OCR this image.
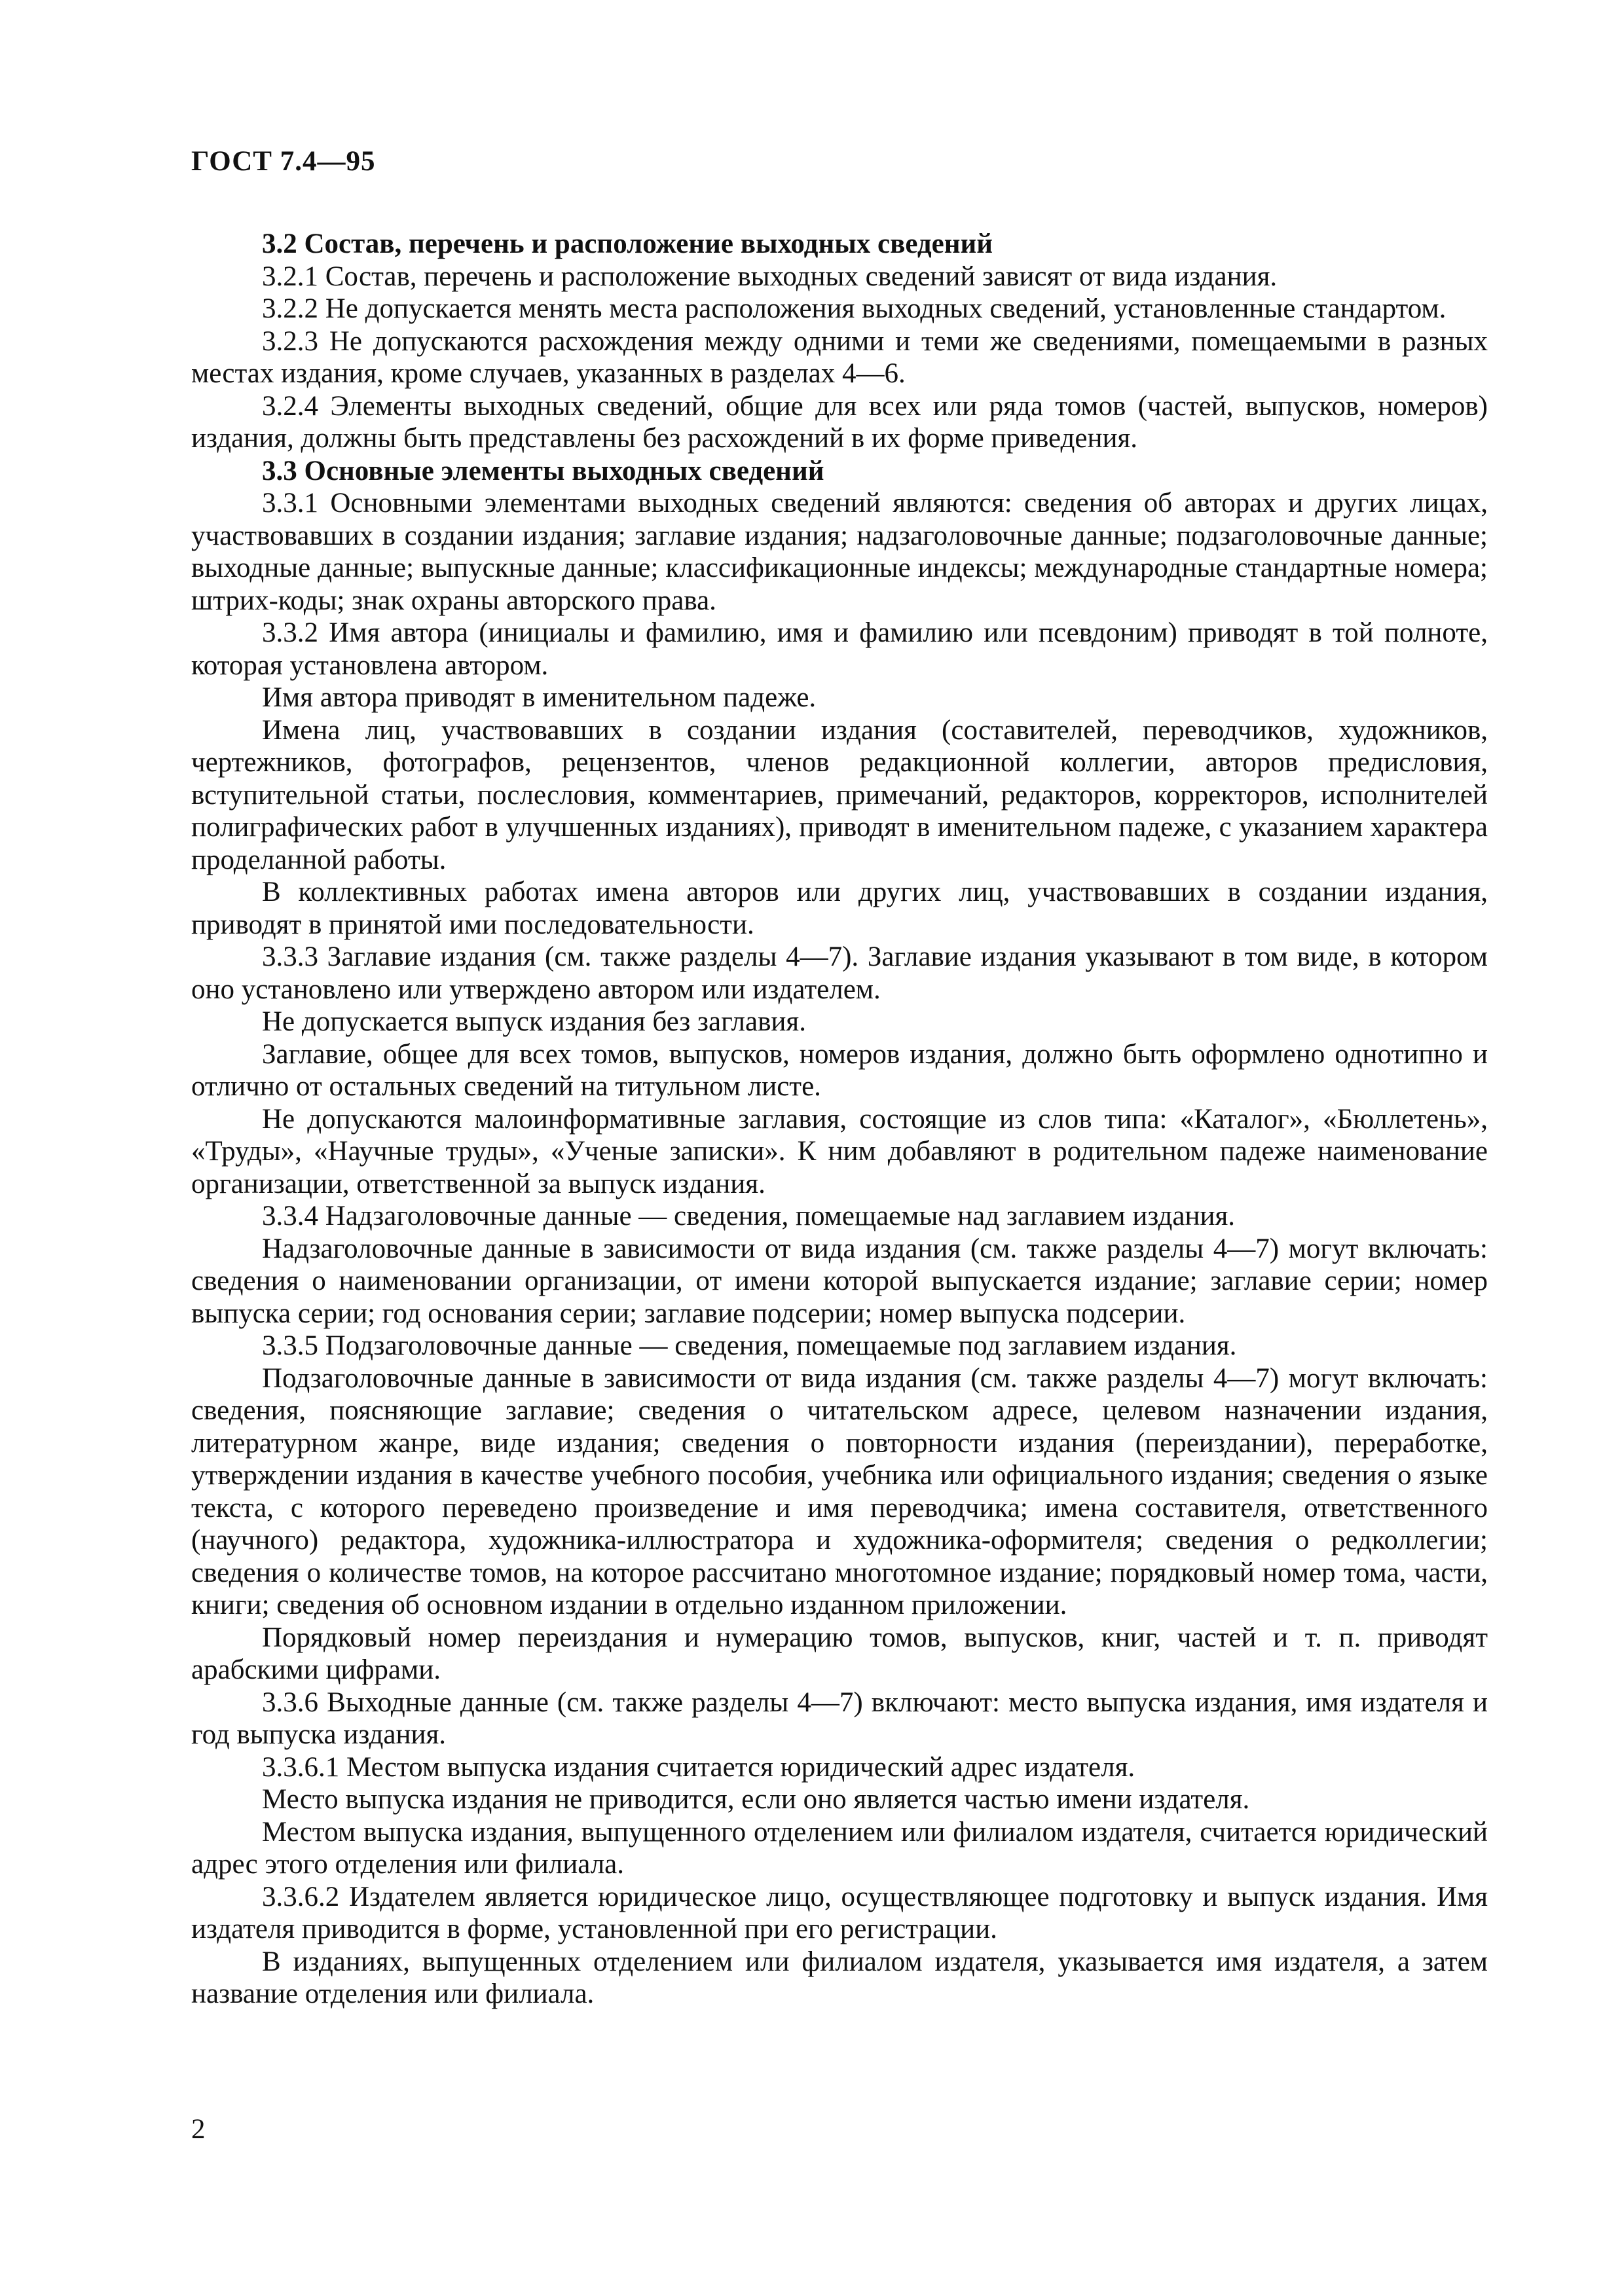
ГОСТ 7.4—95

3.2 Состав, перечень и расположение выходных сведений

3.2.1 Состав, перечень и расположение выходных сведений зависят от вида издания.

3.2.2 Не допускается менять места расположения выходных сведений, установленные стандартом.

3.2.3 Не допускаются расхождения между одними и теми же сведениями, помещаемыми в разных местах издания, кроме случаев, указанных в разделах 4—6.

3.2.4 Элементы выходных сведений, общие для всех или ряда томов (частей, выпусков, номеров) издания, должны быть представлены без расхождений в их форме приведения.

3.3 Основные элементы выходных сведений

3.3.1 Основными элементами выходных сведений являются: сведения об авторах и других лицах, участвовавших в создании издания; заглавие издания; надзаголовочные данные; подзаголовочные данные; выходные данные; выпускные данные; классификационные индексы; международные стандартные номера; штрих-коды; знак охраны авторского права.

3.3.2 Имя автора (инициалы и фамилию, имя и фамилию или псевдоним) приводят в той полноте, которая установлена автором.

Имя автора приводят в именительном падеже.

Имена лиц, участвовавших в создании издания (составителей, переводчиков, художников, чертежников, фотографов, рецензентов, членов редакционной коллегии, авторов предисловия, вступительной статьи, послесловия, комментариев, примечаний, редакторов, корректоров, исполнителей полиграфических работ в улучшенных изданиях), приводят в именительном падеже, с указанием характера проделанной работы.

В коллективных работах имена авторов или других лиц, участвовавших в создании издания, приводят в принятой ими последовательности.

3.3.3 Заглавие издания (см. также разделы 4—7). Заглавие издания указывают в том виде, в котором оно установлено или утверждено автором или издателем.

Не допускается выпуск издания без заглавия.

Заглавие, общее для всех томов, выпусков, номеров издания, должно быть оформлено однотипно и отлично от остальных сведений на титульном листе.

Не допускаются малоинформативные заглавия, состоящие из слов типа: «Каталог», «Бюллетень», «Труды», «Научные труды», «Ученые записки». К ним добавляют в родительном падеже наименование организации, ответственной за выпуск издания.

3.3.4 Надзаголовочные данные — сведения, помещаемые над заглавием издания.

Надзаголовочные данные в зависимости от вида издания (см. также разделы 4—7) могут включать: сведения о наименовании организации, от имени которой выпускается издание; заглавие серии; номер выпуска серии; год основания серии; заглавие подсерии; номер выпуска подсерии.

3.3.5 Подзаголовочные данные — сведения, помещаемые под заглавием издания.

Подзаголовочные данные в зависимости от вида издания (см. также разделы 4—7) могут включать: сведения, поясняющие заглавие; сведения о читательском адресе, целевом назначении издания, литературном жанре, виде издания; сведения о повторности издания (переиздании), переработке, утверждении издания в качестве учебного пособия, учебника или официального издания; сведения о языке текста, с которого переведено произведение и имя переводчика; имена составителя, ответственного (научного) редактора, художника-иллюстратора и художника-оформителя; сведения о редколлегии; сведения о количестве томов, на которое рассчитано многотомное издание; порядковый номер тома, части, книги; сведения об основном издании в отдельно изданном приложении.

Порядковый номер переиздания и нумерацию томов, выпусков, книг, частей и т. п. приводят арабскими цифрами.

3.3.6 Выходные данные (см. также разделы 4—7) включают: место выпуска издания, имя издателя и год выпуска издания.

3.3.6.1 Местом выпуска издания считается юридический адрес издателя.

Место выпуска издания не приводится, если оно является частью имени издателя.

Местом выпуска издания, выпущенного отделением или филиалом издателя, считается юридический адрес этого отделения или филиала.

3.3.6.2 Издателем является юридическое лицо, осуществляющее подготовку и выпуск издания. Имя издателя приводится в форме, установленной при его регистрации.

В изданиях, выпущенных отделением или филиалом издателя, указывается имя издателя, а затем название отделения или филиала.

2
